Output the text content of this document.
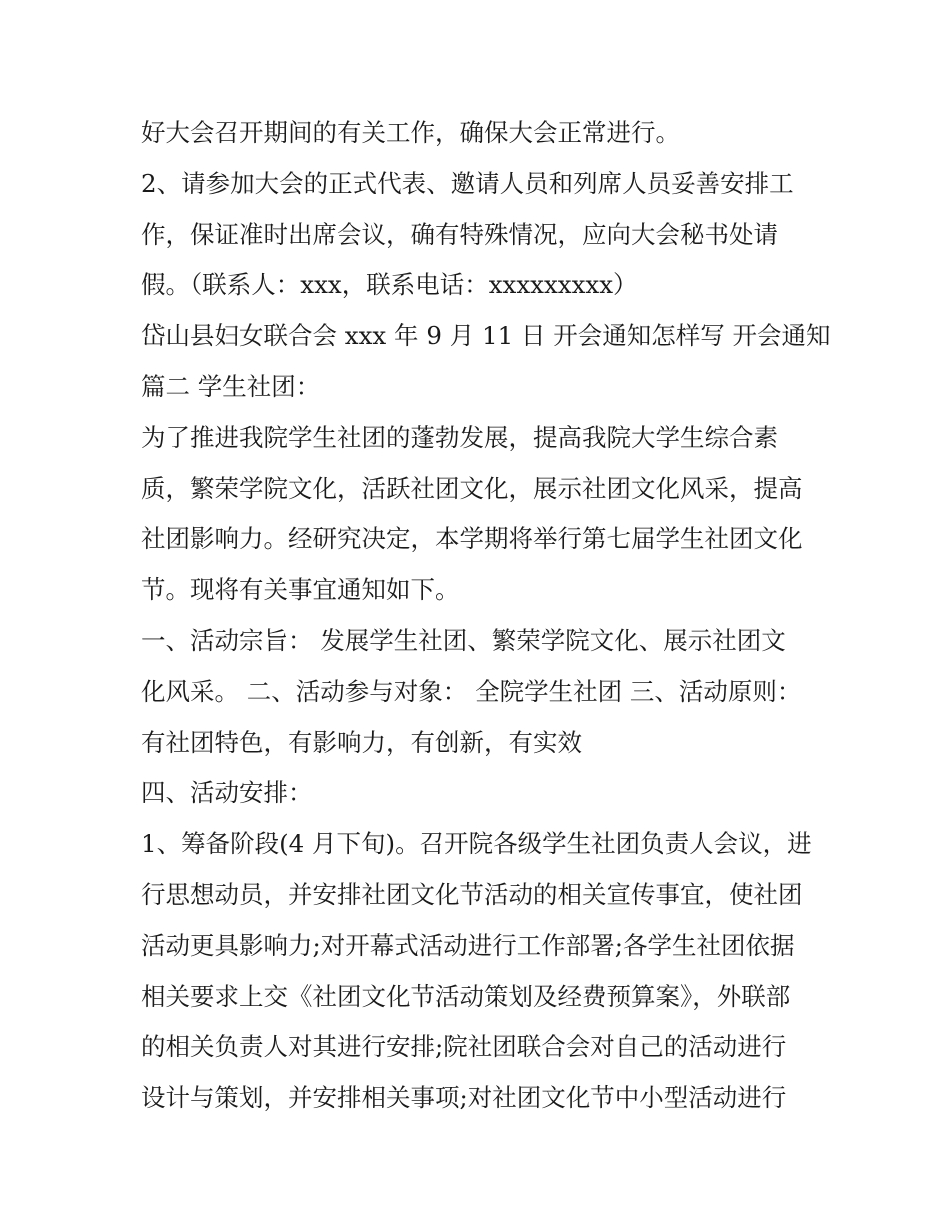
好大会召开期间的有关工作，确保大会正常进行。
2、请参加大会的正式代表、邀请人员和列席人员妥善安排工
作，保证准时出席会议，确有特殊情况，应向大会秘书处请
假。（联系人：xxx，联系电话：xxxxxxxxx）
岱山县妇女联合会 xxx 年 9 月 11 日 开会通知怎样写 开会通知
篇二 学生社团：
为了推进我院学生社团的蓬勃发展，提高我院大学生综合素
质，繁荣学院文化，活跃社团文化，展示社团文化风采，提高
社团影响力。经研究决定，本学期将举行第七届学生社团文化
节。现将有关事宜通知如下。
一、活动宗旨： 发展学生社团、繁荣学院文化、展示社团文
化风采。 二、活动参与对象： 全院学生社团 三、活动原则：
有社团特色，有影响力，有创新，有实效
四、活动安排：
1、筹备阶段(4 月下旬)。召开院各级学生社团负责人会议，进
行思想动员，并安排社团文化节活动的相关宣传事宜，使社团
活动更具影响力;对开幕式活动进行工作部署;各学生社团依据
相关要求上交《社团文化节活动策划及经费预算案》，外联部
的相关负责人对其进行安排;院社团联合会对自己的活动进行
设计与策划，并安排相关事项;对社团文化节中小型活动进行
